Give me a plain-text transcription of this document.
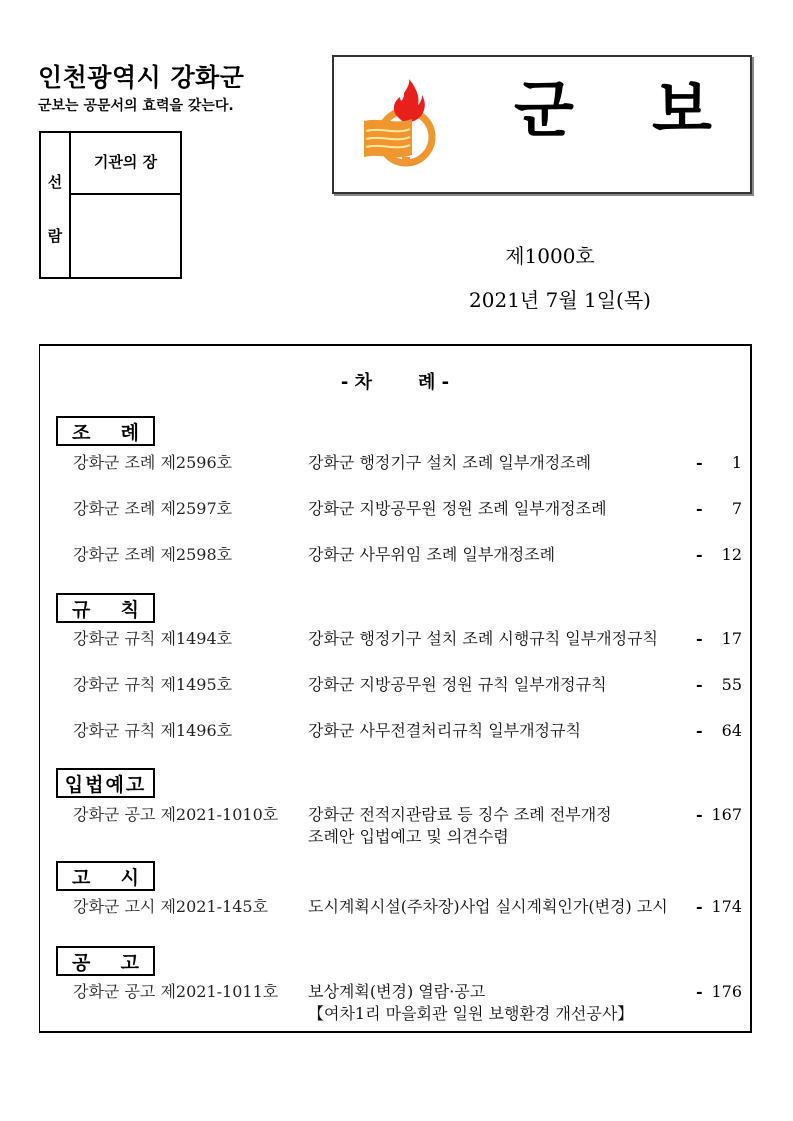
인천광역시 강화군
군보는 공문서의 효력을 갖는다.
선
람
기관의 장
군 보
제1000호
2021년 7월 1일(목)
- 차	례 -
조 례
강화군 조례 제2596호	강화군 행정기구 설치 조례 일부개정조례	- 1
강화군 조례 제2597호	강화군 지방공무원 정원 조례 일부개정조례	- 7
강화군 조례 제2598호	강화군 사무위임 조례 일부개정조례	- 12
규 칙
강화군 규칙 제1494호	강화군 행정기구 설치 조례 시행규칙 일부개정규칙 - 17
강화군 규칙 제1495호	강화군 지방공무원 정원 규칙 일부개정규칙	- 55
강화군 규칙 제1496호	강화군 사무전결처리규칙 일부개정규칙	- 64
입법예고
강화군 공고 제2021-1010호 강화군 전적지관람료 등 징수 조례 전부개정
조례안 입법예고 및 의견수렴
- 167
고 시
강화군 고시 제2021-145호 도시계획시설(주차장)사업 실시계획인가(변경) 고시 - 174
공 고
강화군 공고 제2021-1011호 보상계획(변경) 열람·공고
【여차1리 마을회관 일원 보행환경 개선공사】
- 176
